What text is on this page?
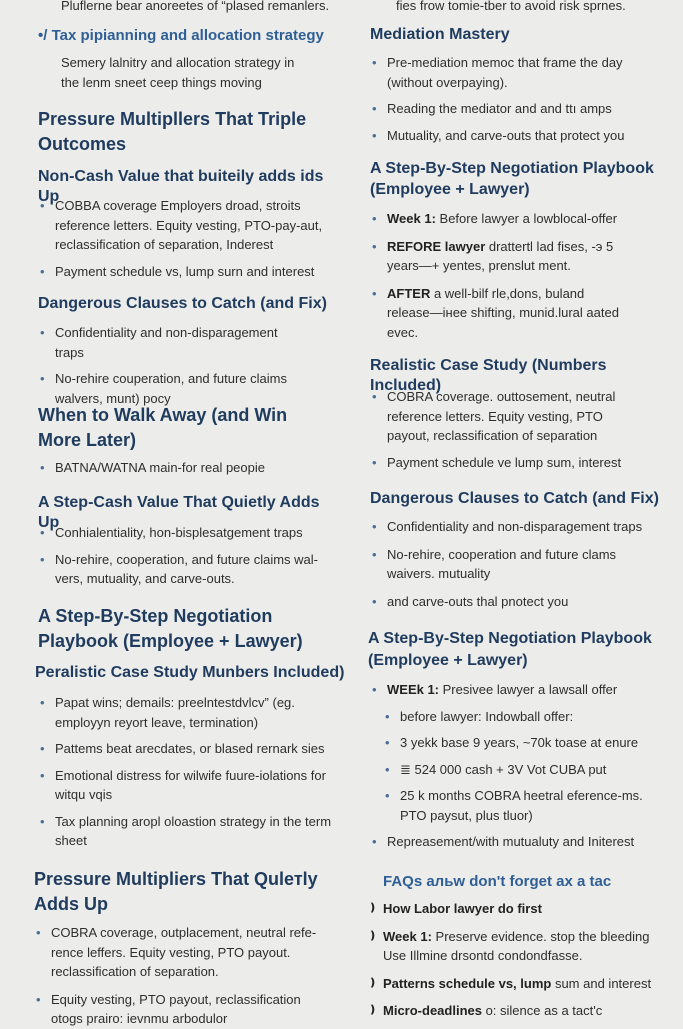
Pluflerne bear anoreetes of “plased remanlers.

•/ Tax pipianning and allocation strategy

Semery lalnitry and allocation strategy in the lenm sneet ceep things moving

Pressure Multipllers That Triple Outcomes
Non-Cash Value that buiteily adds ids Up
• COBBA coverage Employers droad, stroits reference letters. Equity vesting, PTO-pay-aut, reclassification of separation, Inderest
• Payment schedule vs, lump surn and interest
Dangerous Clauses to Catch (and Fix)
• Confidentiality and non-disparagement traps
• No-rehire couperation, and future claims walvers, munt) pocy
When to Walk Away (and Win More Later)
• BATNA/WATNA main-for real peopie
A Step-Cash Value That Quietly Adds Up
• Conhialentiality, hon-bisplesatgement traps
• No-rehire, cooperation, and future claims wal-vers, mutuality, and carve-outs.
A Step-By-Step Negotiation Playbook (Employee + Lawyer)
Peralistic Case Study Munbers Included)
• Papat wins; demails: preelntestdvlcv” (eg. employyn reyort leave, termination)
• Pattems beat arecdates, or blased rernark sies
• Emotional distress for wilwife fuure-iolations for witqu vqis
• Tax planning aropl oloastion strategy in the term sheet
Pressure Multipliers That Qulетly Adds Up
• COBRA coverage, outplacement, neutral refe-rence leffers. Equity vesting, PTO payout. reclassification of separation.
• Equity vesting, PTO payout, reclassification otogs prairo: ievnmu arbodulor

fies frow tomie-tber to avoid risk sprnes.

Mediation Mastery
• Pre-mediation memoc that frame the day (without overpaying).
• Reading the mediator and and ttı amps
• Mutuality, and carve-outs that protect you
A Step-By-Step Negotiation Playbook (Employee + Lawyer)
• Week 1: Before lawyer a lowblocal-offer
• REFORE lawyer drattertl lad fises, -э 5 years—+ yentes, prenslut ment.
• AFTER a well-bilf rle,dons, buland release—iнee shifting, munid.lural aated evec.
Realistic Case Study (Numbers Included)
• COBRA coverage. outtosement, neutral reference letters. Equity vesting, PTO payout, reclassification of separation
• Payment schedule ve lump sum, interest
Dangerous Clauses to Catch (and Fix)
• Confidentiality and non-disparagement traps
• No-rehire, cooperation and future clams waivers. mutuality
• and carve-outs thal pnotect you
A Step-By-Step Negotiation Playbook (Employee + Lawyer)
• WEEk 1: Presivee lawyer a lawsall offer
• before lawyer: Indowball offer:
• 3 yekk base 9 years, ~70k toase at enure
• ≣ 524 000 cash + 3V Vot CUBA put
• 25 k months COBRA heetral eference-ms. PTO paysut, plus tluor)
• Repreasement/with mutualuty and Initerest
FAQs aльw don't forget ax a tac
❫ How Labor lawyer do first
❫ Week 1: Preserve evidence. stop the bleeding Use Illmine drsontd condondfasse.
❫ Patterns schedule vs, lump sum and interest
❫ Micro-deadlines o: silence as a tact'c
